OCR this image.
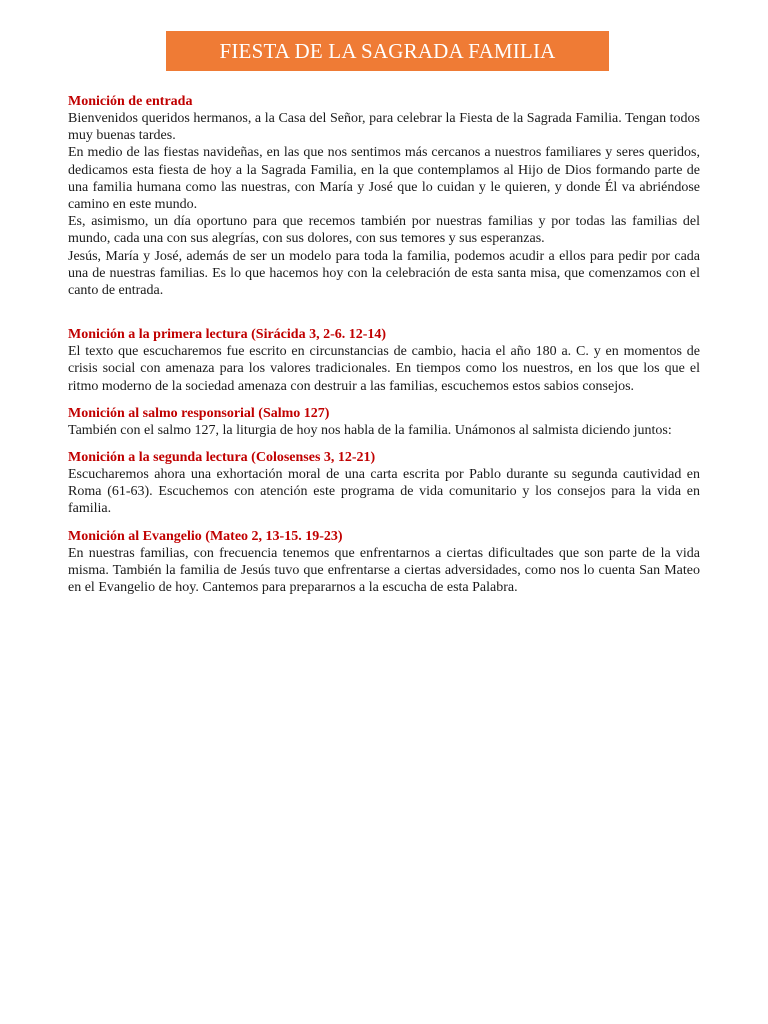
FIESTA DE LA SAGRADA FAMILIA

Monición de entrada

Bienvenidos queridos hermanos, a la Casa del Señor, para celebrar la Fiesta de la Sagrada Familia. Tengan todos muy buenas tardes.

En medio de las fiestas navideñas, en las que nos sentimos más cercanos a nuestros familiares y seres queridos, dedicamos esta fiesta de hoy a la Sagrada Familia, en la que contemplamos al Hijo de Dios formando parte de una familia humana como las nuestras, con María y José que lo cuidan y le quieren, y donde Él va abriéndose camino en este mundo.

Es, asimismo, un día oportuno para que recemos también por nuestras familias y por todas las familias del mundo, cada una con sus alegrías, con sus dolores, con sus temores y sus esperanzas.

Jesús, María y José, además de ser un modelo para toda la familia, podemos acudir a ellos para pedir por cada una de nuestras familias. Es lo que hacemos hoy con la celebración de esta santa misa, que comenzamos con el canto de entrada.

Monición a la primera lectura (Sirácida 3, 2-6. 12-14)

El texto que escucharemos fue escrito en circunstancias de cambio, hacia el año 180 a. C. y en momentos de crisis social con amenaza para los valores tradicionales. En tiempos como los nuestros, en los que los que el ritmo moderno de la sociedad amenaza con destruir a las familias, escuchemos estos sabios consejos.

Monición al salmo responsorial (Salmo 127)

También con el salmo 127, la liturgia de hoy nos habla de la familia. Unámonos al salmista diciendo juntos:

Monición a la segunda lectura (Colosenses 3, 12-21)

Escucharemos ahora una exhortación moral de una carta escrita por Pablo durante su segunda cautividad en Roma (61-63). Escuchemos con atención este programa de vida comunitario y los consejos para la vida en familia.

Monición al Evangelio (Mateo 2, 13-15. 19-23)

En nuestras familias, con frecuencia tenemos que enfrentarnos a ciertas dificultades que son parte de la vida misma. También la familia de Jesús tuvo que enfrentarse a ciertas adversidades, como nos lo cuenta San Mateo en el Evangelio de hoy. Cantemos para prepararnos a la escucha de esta Palabra.
